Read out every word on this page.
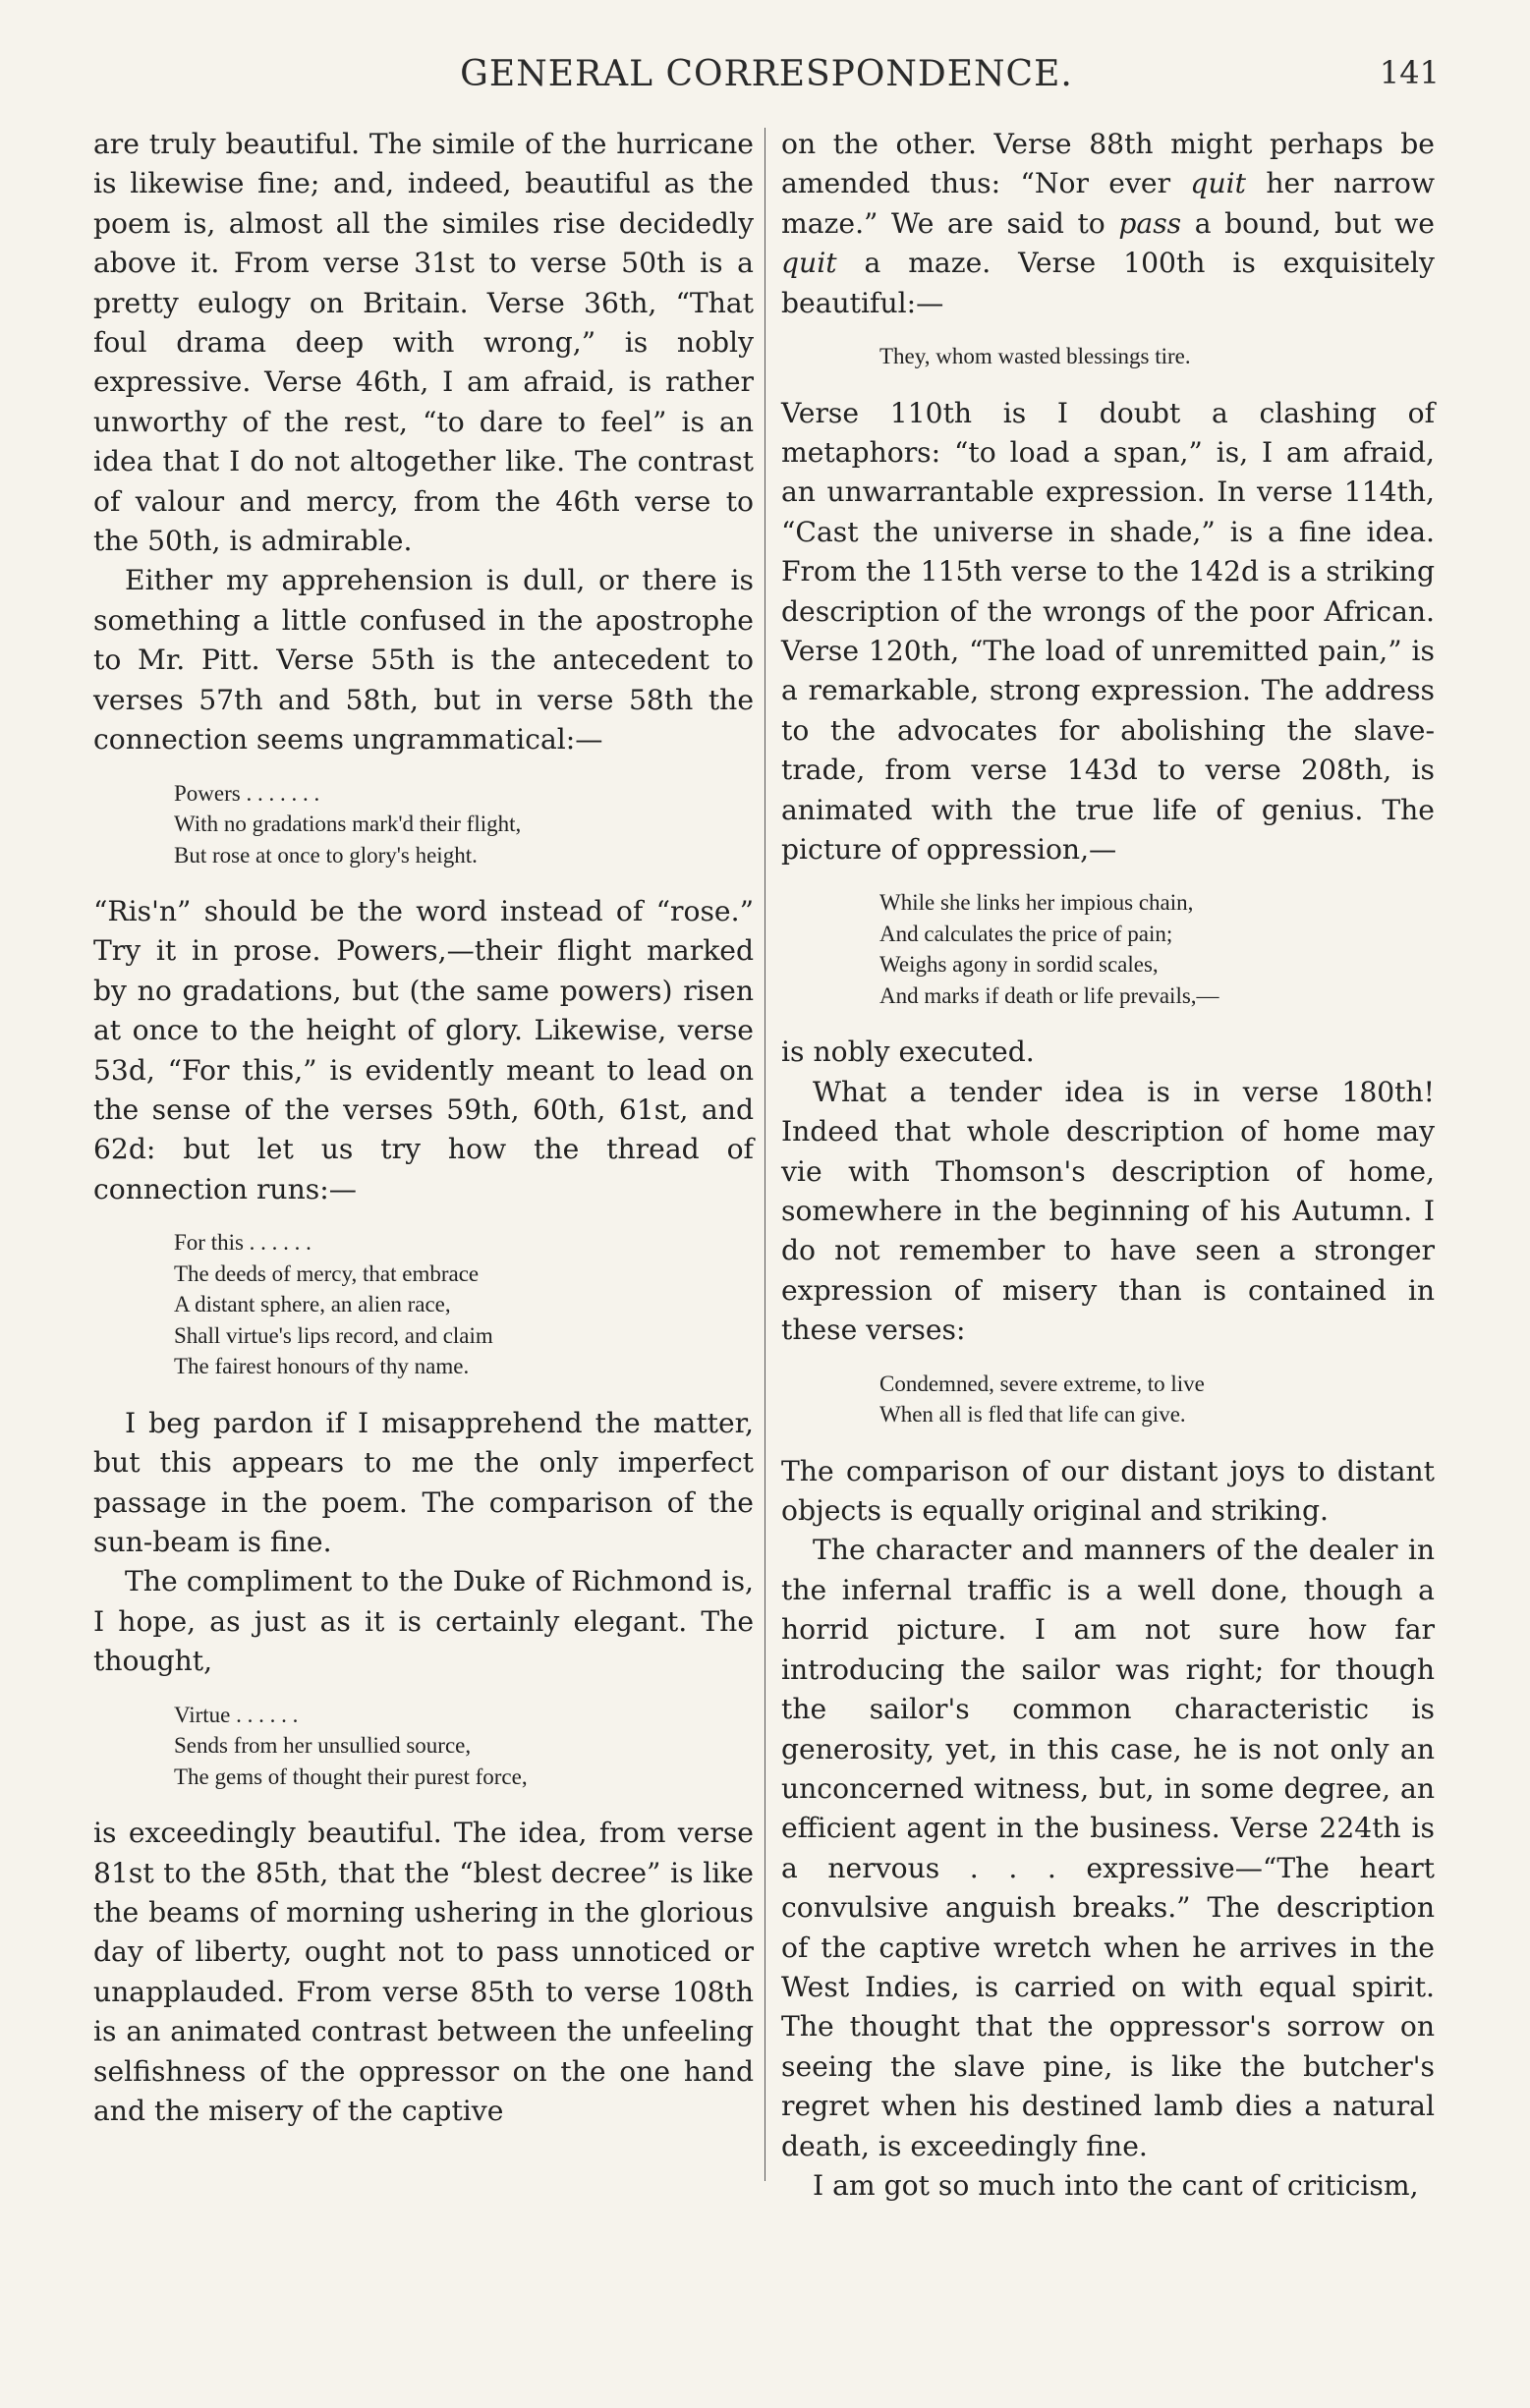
GENERAL CORRESPONDENCE.	141

are truly beautiful. The simile of the hurricane is likewise fine; and, indeed, beautiful as the poem is, almost all the similes rise decidedly above it. From verse 31st to verse 50th is a pretty eulogy on Britain. Verse 36th, “That foul drama deep with wrong,” is nobly expressive. Verse 46th, I am afraid, is rather unworthy of the rest, “to dare to feel” is an idea that I do not altogether like. The contrast of valour and mercy, from the 46th verse to the 50th, is admirable.

Either my apprehension is dull, or there is something a little confused in the apostrophe to Mr. Pitt. Verse 55th is the antecedent to verses 57th and 58th, but in verse 58th the connection seems ungrammatical:—

Powers . . . . . . .
With no gradations mark'd their flight,
But rose at once to glory's height.

“Ris'n” should be the word instead of “rose.” Try it in prose. Powers,—their flight marked by no gradations, but (the same powers) risen at once to the height of glory. Likewise, verse 53d, “For this,” is evidently meant to lead on the sense of the verses 59th, 60th, 61st, and 62d: but let us try how the thread of connection runs:—

For this . . . . . .
The deeds of mercy, that embrace
A distant sphere, an alien race,
Shall virtue's lips record, and claim
The fairest honours of thy name.

I beg pardon if I misapprehend the matter, but this appears to me the only imperfect passage in the poem. The comparison of the sun-beam is fine.

The compliment to the Duke of Richmond is, I hope, as just as it is certainly elegant. The thought,

Virtue . . . . . .
Sends from her unsullied source,
The gems of thought their purest force,

is exceedingly beautiful. The idea, from verse 81st to the 85th, that the “blest decree” is like the beams of morning ushering in the glorious day of liberty, ought not to pass unnoticed or unapplauded. From verse 85th to verse 108th is an animated contrast between the unfeeling selfishness of the oppressor on the one hand and the misery of the captive

on the other. Verse 88th might perhaps be amended thus: “Nor ever quit her narrow maze.” We are said to pass a bound, but we quit a maze. Verse 100th is exquisitely beautiful:—

They, whom wasted blessings tire.

Verse 110th is I doubt a clashing of metaphors: “to load a span,” is, I am afraid, an unwarrantable expression. In verse 114th, “Cast the universe in shade,” is a fine idea. From the 115th verse to the 142d is a striking description of the wrongs of the poor African. Verse 120th, “The load of unremitted pain,” is a remarkable, strong expression. The address to the advocates for abolishing the slave-trade, from verse 143d to verse 208th, is animated with the true life of genius. The picture of oppression,—

While she links her impious chain,
And calculates the price of pain;
Weighs agony in sordid scales,
And marks if death or life prevails,—

is nobly executed.

What a tender idea is in verse 180th! Indeed that whole description of home may vie with Thomson's description of home, somewhere in the beginning of his Autumn. I do not remember to have seen a stronger expression of misery than is contained in these verses:

Condemned, severe extreme, to live
When all is fled that life can give.

The comparison of our distant joys to distant objects is equally original and striking.

The character and manners of the dealer in the infernal traffic is a well done, though a horrid picture. I am not sure how far introducing the sailor was right; for though the sailor's common characteristic is generosity, yet, in this case, he is not only an unconcerned witness, but, in some degree, an efficient agent in the business. Verse 224th is a nervous . . . expressive—“The heart convulsive anguish breaks.” The description of the captive wretch when he arrives in the West Indies, is carried on with equal spirit. The thought that the oppressor's sorrow on seeing the slave pine, is like the butcher's regret when his destined lamb dies a natural death, is exceedingly fine.

I am got so much into the cant of criticism,
